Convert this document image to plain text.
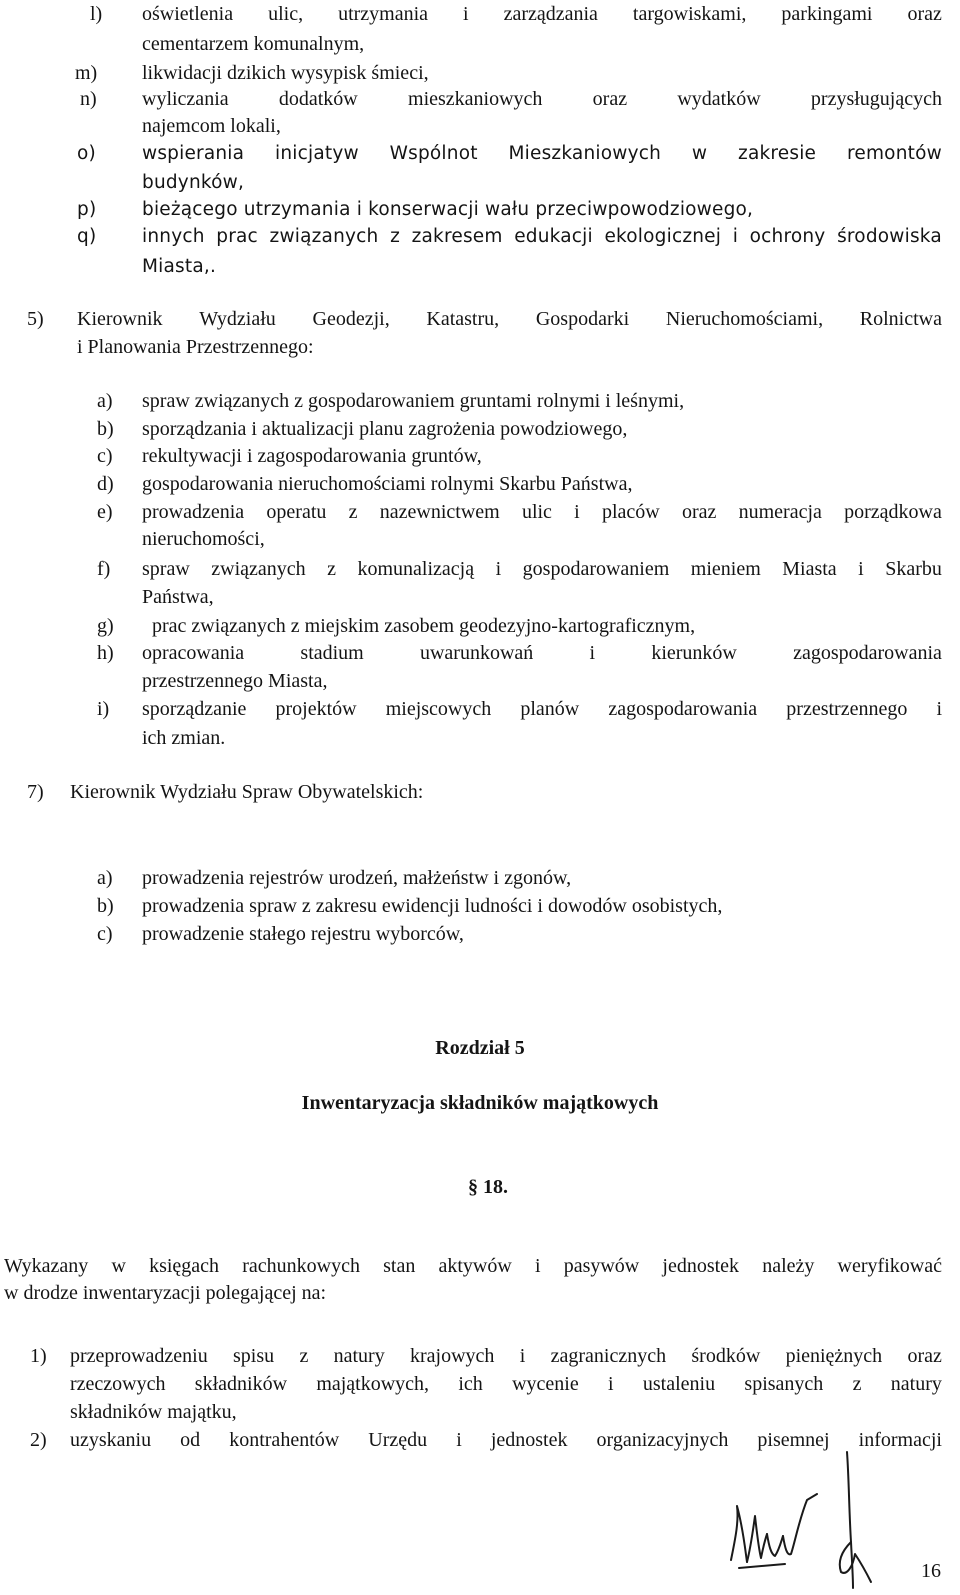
l) oświetlenia ulic, utrzymania i zarządzania targowiskami, parkingami oraz
cementarzem komunalnym,
m) likwidacji dzikich wysypisk śmieci,
n) wyliczania	dodatków	mieszkaniowych	oraz	wydatków	przysługujących
najemcom lokali,
o) wspierania inicjatyw Wspólnot Mieszkaniowych w zakresie remontów
budynków,
p) bieżącego utrzymania i konserwacji wału przeciwpowodziowego,
q) innych prac związanych z zakresem edukacji ekologicznej i ochrony środowiska
Miasta,.
5) Kierownik Wydziału Geodezji, Katastru, Gospodarki Nieruchomościami, Rolnictwa
i Planowania Przestrzennego:
a) spraw związanych z gospodarowaniem gruntami rolnymi i leśnymi,
b) sporządzania i aktualizacji planu zagrożenia powodziowego,
c) rekultywacji i zagospodarowania gruntów,
d) gospodarowania nieruchomościami rolnymi Skarbu Państwa,
e) prowadzenia operatu z nazewnictwem ulic i placów oraz numeracja porządkowa
nieruchomości,
f) spraw związanych z komunalizacją i gospodarowaniem mieniem Miasta i Skarbu
Państwa,
g) prac związanych z miejskim zasobem geodezyjno-kartograficznym,
h) opracowania	stadium	uwarunkowań	i	kierunków	zagospodarowania
przestrzennego Miasta,
i) sporządzanie projektów miejscowych planów zagospodarowania przestrzennego i
ich zmian.
7) Kierownik Wydziału Spraw Obywatelskich:
a) prowadzenia rejestrów urodzeń, małżeństw i zgonów,
b) prowadzenia spraw z zakresu ewidencji ludności i dowodów osobistych,
c) prowadzenie stałego rejestru wyborców,
Rozdział 5
Inwentaryzacja składników majątkowych
§ 18.
Wykazany w księgach rachunkowych stan aktywów i pasywów jednostek należy weryfikować
w drodze inwentaryzacji polegającej na:
1) przeprowadzeniu spisu z natury krajowych i zagranicznych środków pieniężnych oraz
rzeczowych składników majątkowych, ich wycenie i ustaleniu spisanych z natury
składników majątku,
2) uzyskaniu od kontrahentów Urzędu i jednostek organizacyjnych pisemnej informacji
16
